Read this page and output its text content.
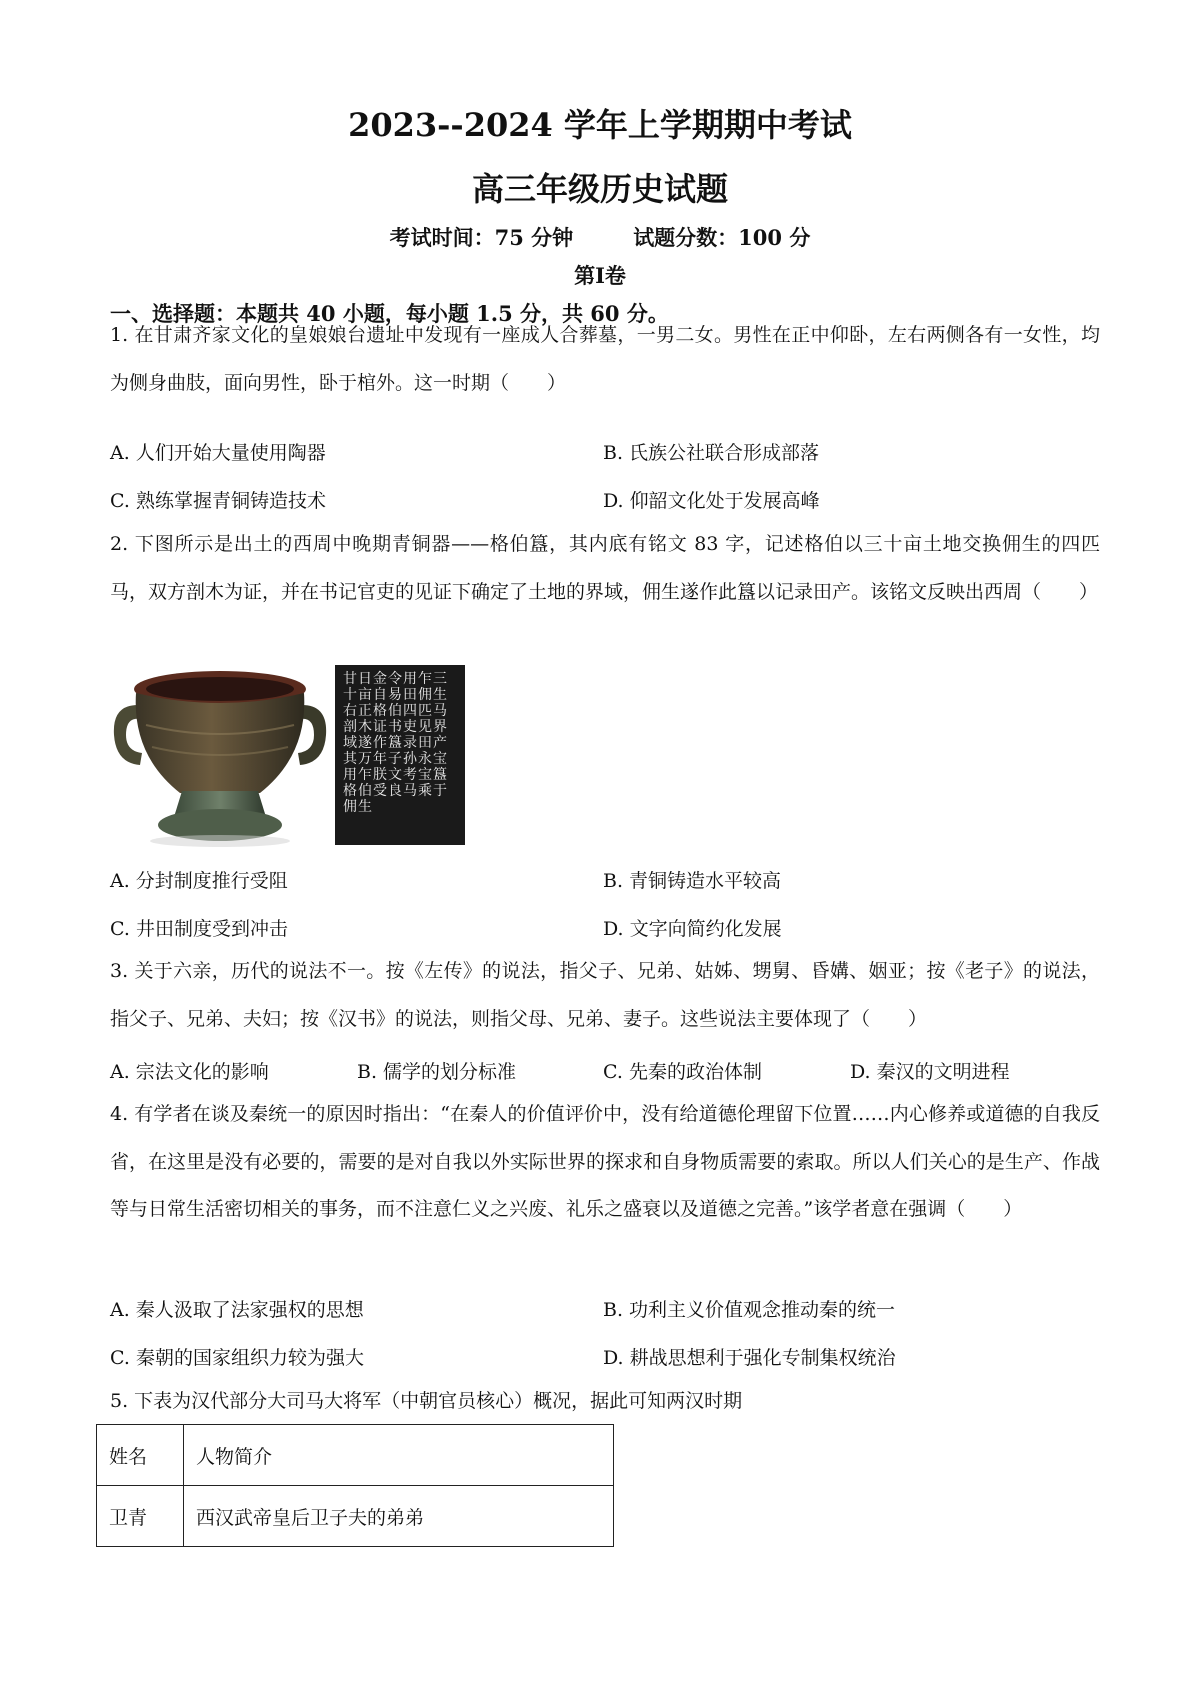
2023--2024 学年上学期期中考试
高三年级历史试题
考试时间：75 分钟	试题分数：100 分
第Ⅰ卷
一、选择题：本题共 40 小题，每小题 1.5 分，共 60 分。
1. 在甘肃齐家文化的皇娘娘台遗址中发现有一座成人合葬墓，一男二女。男性在正中仰卧，左右两侧各有一女性，均为侧身曲肢，面向男性，卧于棺外。这一时期（　　）
A. 人们开始大量使用陶器	B. 氏族公社联合形成部落
C. 熟练掌握青铜铸造技术	D. 仰韶文化处于发展高峰
2. 下图所示是出土的西周中晚期青铜器——格伯簋，其内底有铭文 83 字，记述格伯以三十亩土地交换佣生的四匹马，双方剖木为证，并在书记官吏的见证下确定了土地的界域，佣生遂作此簋以记录田产。该铭文反映出西周（　　）
甘日金令用乍三十亩自易田佣生右正格伯四匹马剖木证书吏见界域遂作簋录田产其万年子孙永宝用乍朕文考宝簋格伯受良马乘于佣生
A. 分封制度推行受阻	B. 青铜铸造水平较高
C. 井田制度受到冲击	D. 文字向简约化发展
3. 关于六亲，历代的说法不一。按《左传》的说法，指父子、兄弟、姑姊、甥舅、昏媾、姻亚；按《老子》的说法，指父子、兄弟、夫妇；按《汉书》的说法，则指父母、兄弟、妻子。这些说法主要体现了（　　）
A. 宗法文化的影响	B. 儒学的划分标准	C. 先秦的政治体制	D. 秦汉的文明进程
4. 有学者在谈及秦统一的原因时指出：“在秦人的价值评价中，没有给道德伦理留下位置……内心修养或道德的自我反省，在这里是没有必要的，需要的是对自我以外实际世界的探求和自身物质需要的索取。所以人们关心的是生产、作战等与日常生活密切相关的事务，而不注意仁义之兴废、礼乐之盛衰以及道德之完善。”该学者意在强调（　　）
A. 秦人汲取了法家强权的思想	B. 功利主义价值观念推动秦的统一
C. 秦朝的国家组织力较为强大	D. 耕战思想利于强化专制集权统治
5. 下表为汉代部分大司马大将军（中朝官员核心）概况，据此可知两汉时期
姓名	人物简介
卫青	西汉武帝皇后卫子夫的弟弟
